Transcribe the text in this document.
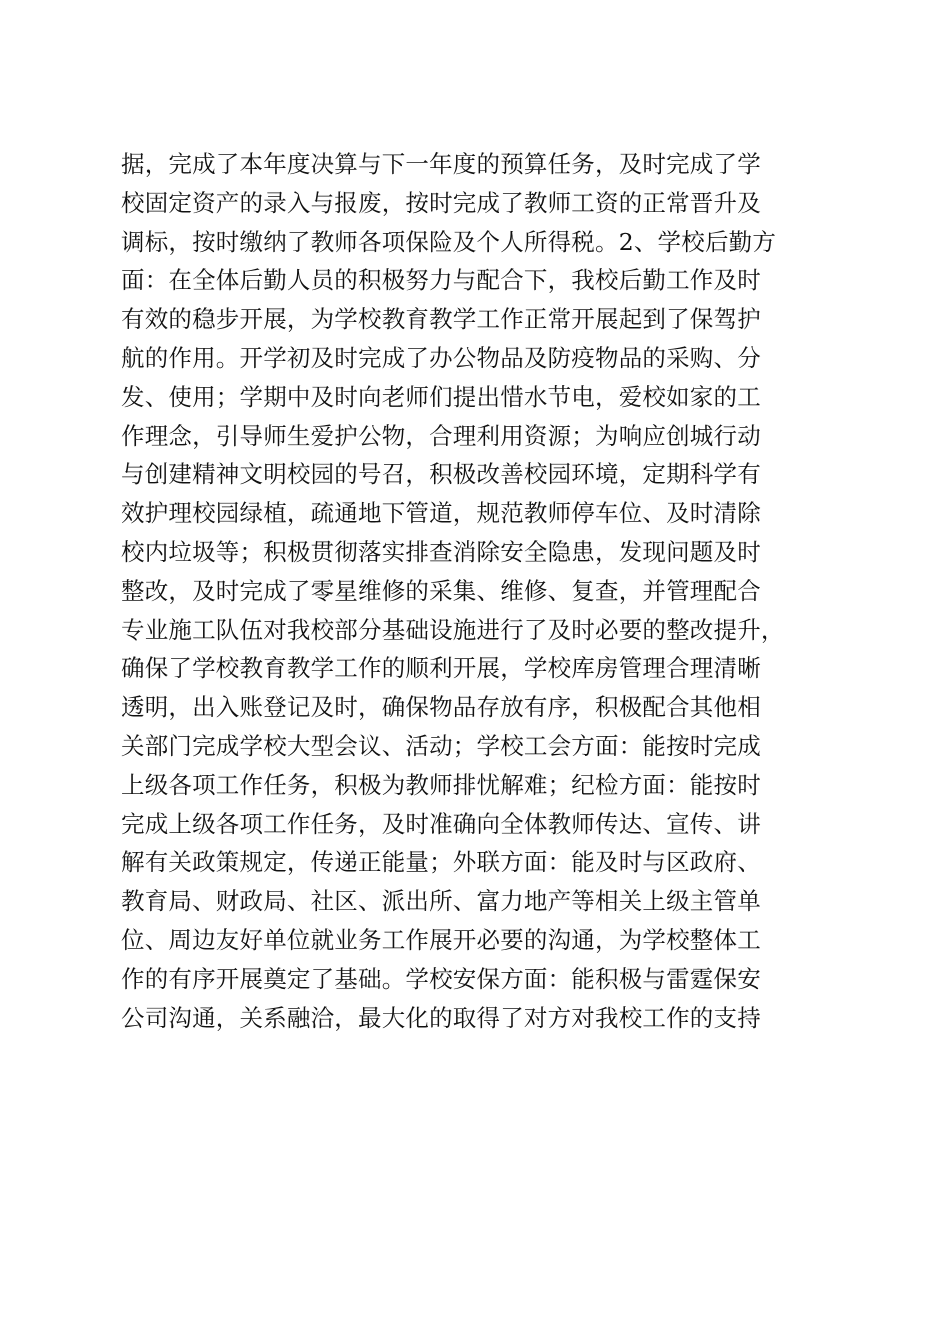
据，完成了本年度决算与下一年度的预算任务，及时完成了学
校固定资产的录入与报废，按时完成了教师工资的正常晋升及
调标，按时缴纳了教师各项保险及个人所得税。2、学校后勤方
面：在全体后勤人员的积极努力与配合下，我校后勤工作及时
有效的稳步开展，为学校教育教学工作正常开展起到了保驾护
航的作用。开学初及时完成了办公物品及防疫物品的采购、分
发、使用；学期中及时向老师们提出惜水节电，爱校如家的工
作理念，引导师生爱护公物，合理利用资源；为响应创城行动
与创建精神文明校园的号召，积极改善校园环境，定期科学有
效护理校园绿植，疏通地下管道，规范教师停车位、及时清除
校内垃圾等；积极贯彻落实排查消除安全隐患，发现问题及时
整改，及时完成了零星维修的采集、维修、复查，并管理配合
专业施工队伍对我校部分基础设施进行了及时必要的整改提升，
确保了学校教育教学工作的顺利开展，学校库房管理合理清晰
透明，出入账登记及时，确保物品存放有序，积极配合其他相
关部门完成学校大型会议、活动；学校工会方面：能按时完成
上级各项工作任务，积极为教师排忧解难；纪检方面：能按时
完成上级各项工作任务，及时准确向全体教师传达、宣传、讲
解有关政策规定，传递正能量；外联方面：能及时与区政府、
教育局、财政局、社区、派出所、富力地产等相关上级主管单
位、周边友好单位就业务工作展开必要的沟通，为学校整体工
作的有序开展奠定了基础。学校安保方面：能积极与雷霆保安
公司沟通，关系融洽，最大化的取得了对方对我校工作的支持
